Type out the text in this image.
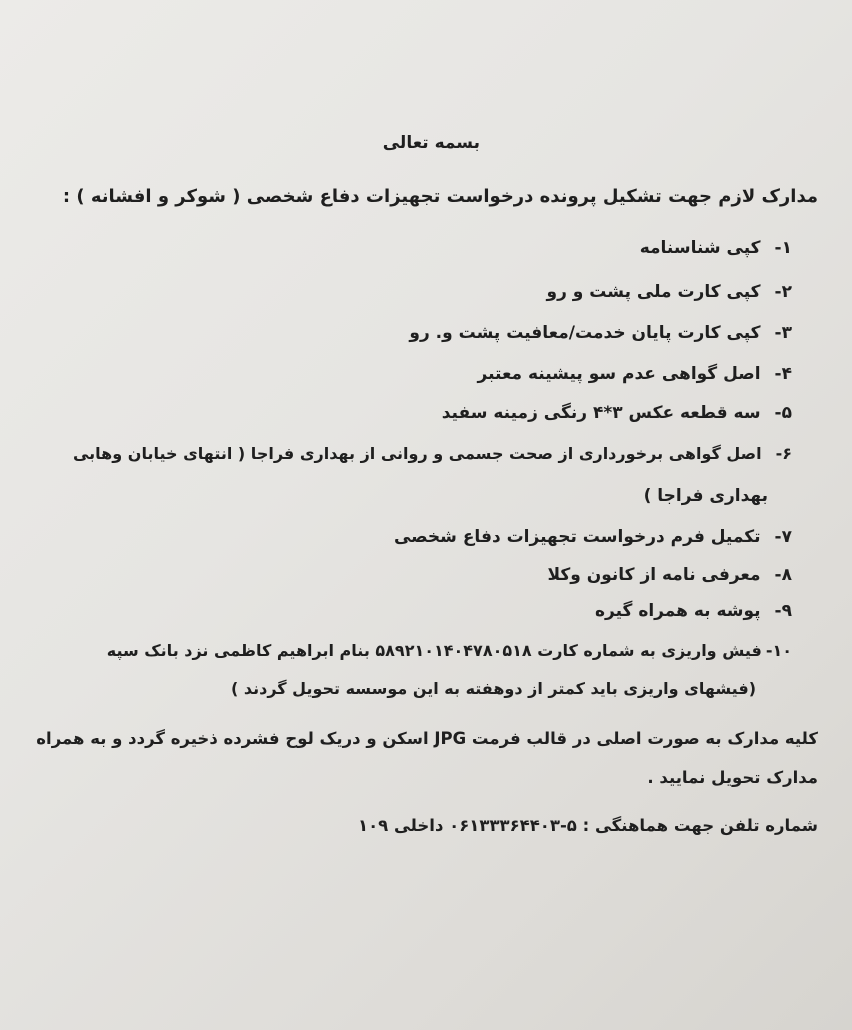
بسمه تعالی

مدارک لازم جهت تشکیل پرونده درخواست تجهیزات دفاع شخصی ( شوکر و افشانه ) :

۱-کپی شناسنامه

۲-کپی کارت ملی پشت و رو

۳-کپی کارت پایان خدمت/معافیت پشت و. رو

۴-اصل گواهی عدم سو پیشینه معتبر

۵-سه قطعه عکس ۳*۴ رنگی زمینه سفید

۶-اصل گواهی برخورداری از صحت جسمی و روانی از بهداری فراجا ( انتهای خیابان وهابی

بهداری فراجا )

۷-تکمیل فرم درخواست تجهیزات دفاع شخصی

۸-معرفی نامه از کانون وکلا

۹-پوشه به همراه گیره

۱۰-فیش واریزی به شماره کارت ۵۸۹۲۱۰۱۴۰۴۷۸۰۵۱۸ بنام ابراهیم کاظمی نزد بانک سپه

(فیشهای واریزی باید کمتر از دوهفته به این موسسه تحویل گردند )

کلیه مدارک به صورت اصلی در قالب فرمت JPG اسکن و دریک لوح فشرده ذخیره گردد و به همراه

مدارک تحویل نمایید .

شماره تلفن جهت هماهنگی : ۵-۰۶۱۳۳۳۶۴۴۰۳ داخلی ۱۰۹
